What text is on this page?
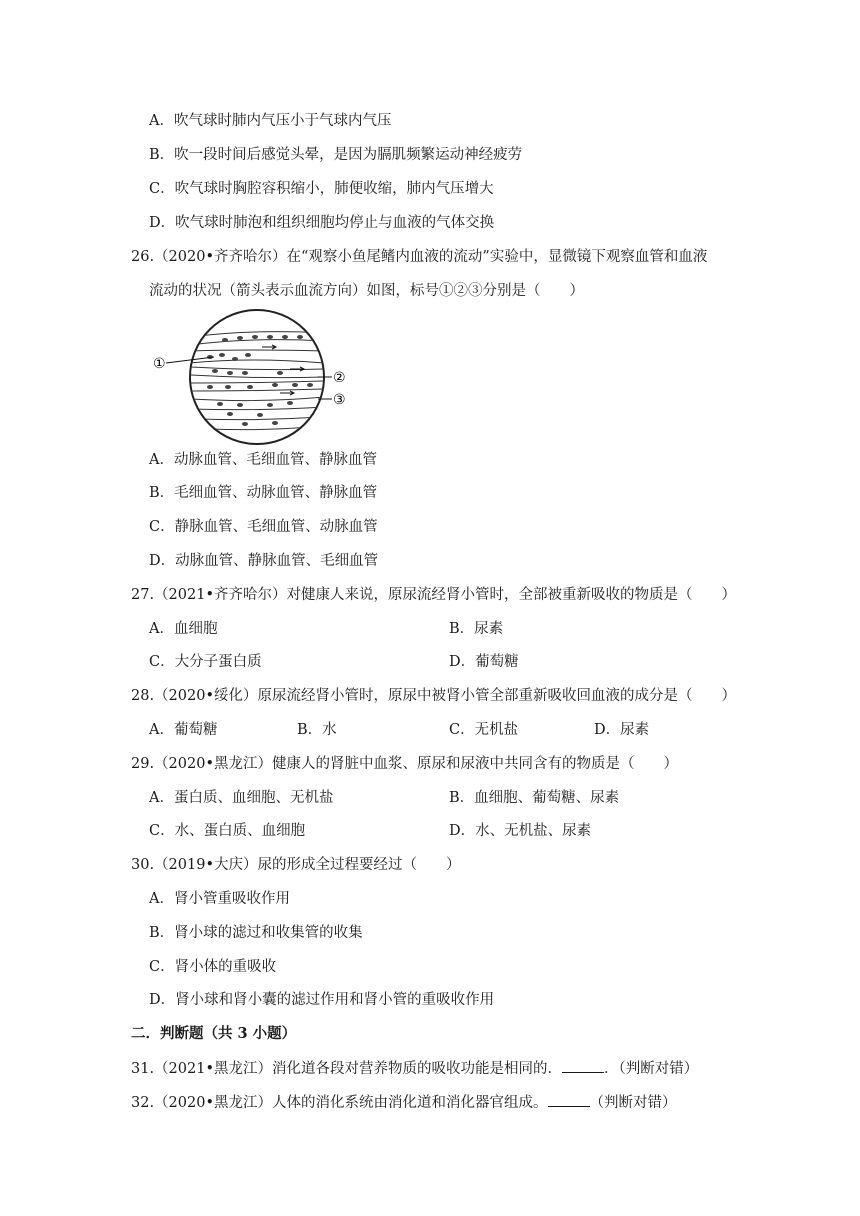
A．吹气球时肺内气压小于气球内气压
B．吹一段时间后感觉头晕，是因为膈肌频繁运动神经疲劳
C．吹气球时胸腔容积缩小，肺便收缩，肺内气压增大
D．吹气球时肺泡和组织细胞均停止与血液的气体交换
26.（2020•齐齐哈尔）在“观察小鱼尾鳍内血液的流动”实验中，显微镜下观察血管和血液
流动的状况（箭头表示血流方向）如图，标号①②③分别是（　　）
①
②
③
A．动脉血管、毛细血管、静脉血管
B．毛细血管、动脉血管、静脉血管
C．静脉血管、毛细血管、动脉血管
D．动脉血管、静脉血管、毛细血管
27.（2021•齐齐哈尔）对健康人来说，原尿流经肾小管时，全部被重新吸收的物质是（　　）
A．血细胞	B．尿素
C．大分子蛋白质	D．葡萄糖
28.（2020•绥化）原尿流经肾小管时，原尿中被肾小管全部重新吸收回血液的成分是（　　）
A．葡萄糖	B．水	C．无机盐	D．尿素
29.（2020•黑龙江）健康人的肾脏中血浆、原尿和尿液中共同含有的物质是（　　）
A．蛋白质、血细胞、无机盐	B．血细胞、葡萄糖、尿素
C．水、蛋白质、血细胞	D．水、无机盐、尿素
30.（2019•大庆）尿的形成全过程要经过（　　）
A．肾小管重吸收作用
B．肾小球的滤过和收集管的收集
C．肾小体的重吸收
D．肾小球和肾小囊的滤过作用和肾小管的重吸收作用
二．判断题（共 3 小题）
31.（2021•黑龙江）消化道各段对营养物质的吸收功能是相同的．	．（判断对错）
32.（2020•黑龙江）人体的消化系统由消化道和消化器官组成。	（判断对错）
